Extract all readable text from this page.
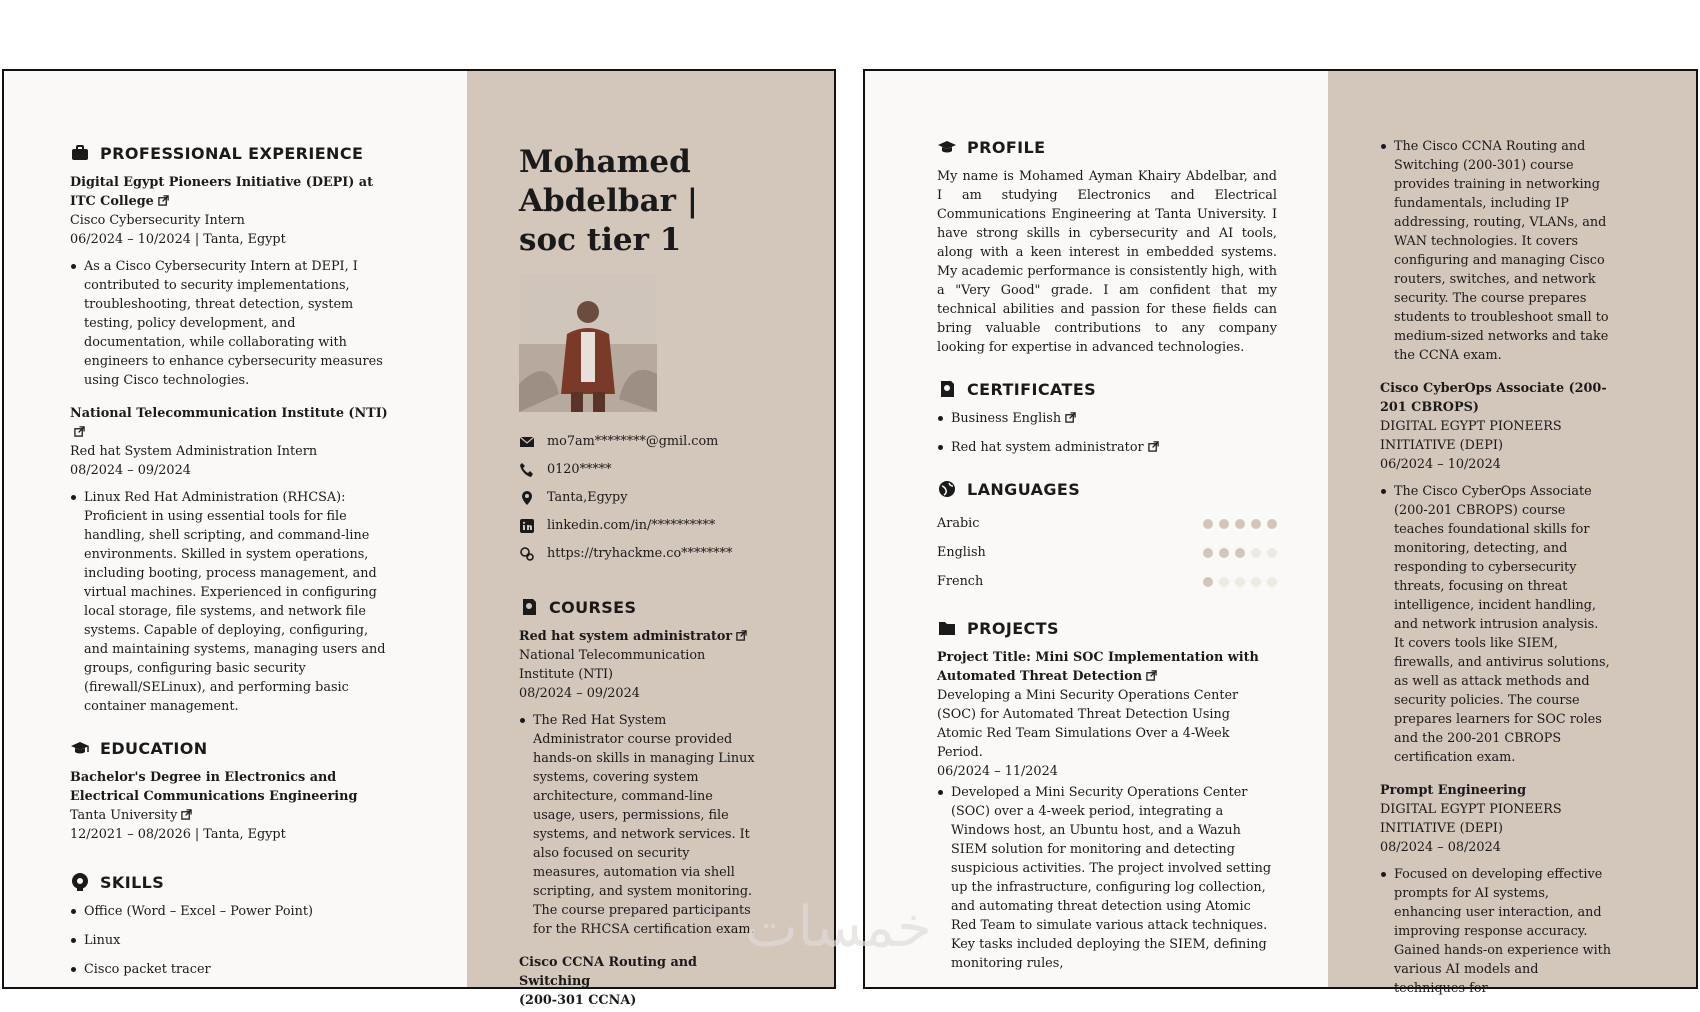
PROFESSIONAL EXPERIENCE
Digital Egypt Pioneers Initiative (DEPI) at ITC College
Cisco Cybersecurity Intern
06/2024 – 10/2024 | Tanta, Egypt
As a Cisco Cybersecurity Intern at DEPI, I contributed to security implementations, troubleshooting, threat detection, system testing, policy development, and documentation, while collaborating with engineers to enhance cybersecurity measures using Cisco technologies.
National Telecommunication Institute (NTI)
Red hat System Administration Intern
08/2024 – 09/2024
Linux Red Hat Administration (RHCSA): Proficient in using essential tools for file handling, shell scripting, and command-line environments. Skilled in system operations, including booting, process management, and virtual machines. Experienced in configuring local storage, file systems, and network file systems. Capable of deploying, configuring, and maintaining systems, managing users and groups, configuring basic security (firewall/SELinux), and performing basic container management.
EDUCATION
Bachelor's Degree in Electronics and Electrical Communications Engineering
Tanta University
12/2021 – 08/2026 | Tanta, Egypt
SKILLS
Office (Word – Excel – Power Point)
Linux
Cisco packet tracer
Mohamed Abdelbar | soc tier 1
mo7am********@gmil.com
0120*****
Tanta,Egypy
linkedin.com/in/**********
https://tryhackme.co********
COURSES
Red hat system administrator
National Telecommunication Institute (NTI)
08/2024 – 09/2024
The Red Hat System Administrator course provided hands-on skills in managing Linux systems, covering system architecture, command-line usage, users, permissions, file systems, and network services. It also focused on security measures, automation via shell scripting, and system monitoring. The course prepared participants for the RHCSA certification exam.
Cisco CCNA Routing and Switching
(200-301 CCNA)
PROFILE
My name is Mohamed Ayman Khairy Abdelbar, and I am studying Electronics and Electrical Communications Engineering at Tanta University. I have strong skills in cybersecurity and AI tools, along with a keen interest in embedded systems. My academic performance is consistently high, with a "Very Good" grade. I am confident that my technical abilities and passion for these fields can bring valuable contributions to any company looking for expertise in advanced technologies.
CERTIFICATES
Business English
Red hat system administrator
LANGUAGES
Arabic
English
French
PROJECTS
Project Title: Mini SOC Implementation with Automated Threat Detection
Developing a Mini Security Operations Center (SOC) for Automated Threat Detection Using Atomic Red Team Simulations Over a 4-Week Period.
06/2024 – 11/2024
Developed a Mini Security Operations Center (SOC) over a 4-week period, integrating a Windows host, an Ubuntu host, and a Wazuh SIEM solution for monitoring and detecting suspicious activities. The project involved setting up the infrastructure, configuring log collection, and automating threat detection using Atomic Red Team to simulate various attack techniques. Key tasks included deploying the SIEM, defining monitoring rules,
The Cisco CCNA Routing and Switching (200-301) course provides training in networking fundamentals, including IP addressing, routing, VLANs, and WAN technologies. It covers configuring and managing Cisco routers, switches, and network security. The course prepares students to troubleshoot small to medium-sized networks and take the CCNA exam.
Cisco CyberOps Associate (200-201 CBROPS)
DIGITAL EGYPT PIONEERS INITIATIVE (DEPI)
06/2024 – 10/2024
The Cisco CyberOps Associate (200-201 CBROPS) course teaches foundational skills for monitoring, detecting, and responding to cybersecurity threats, focusing on threat intelligence, incident handling, and network intrusion analysis. It covers tools like SIEM, firewalls, and antivirus solutions, as well as attack methods and security policies. The course prepares learners for SOC roles and the 200-201 CBROPS certification exam.
Prompt Engineering
DIGITAL EGYPT PIONEERS INITIATIVE (DEPI)
08/2024 – 08/2024
Focused on developing effective prompts for AI systems, enhancing user interaction, and improving response accuracy. Gained hands-on experience with various AI models and techniques for
خمسات
